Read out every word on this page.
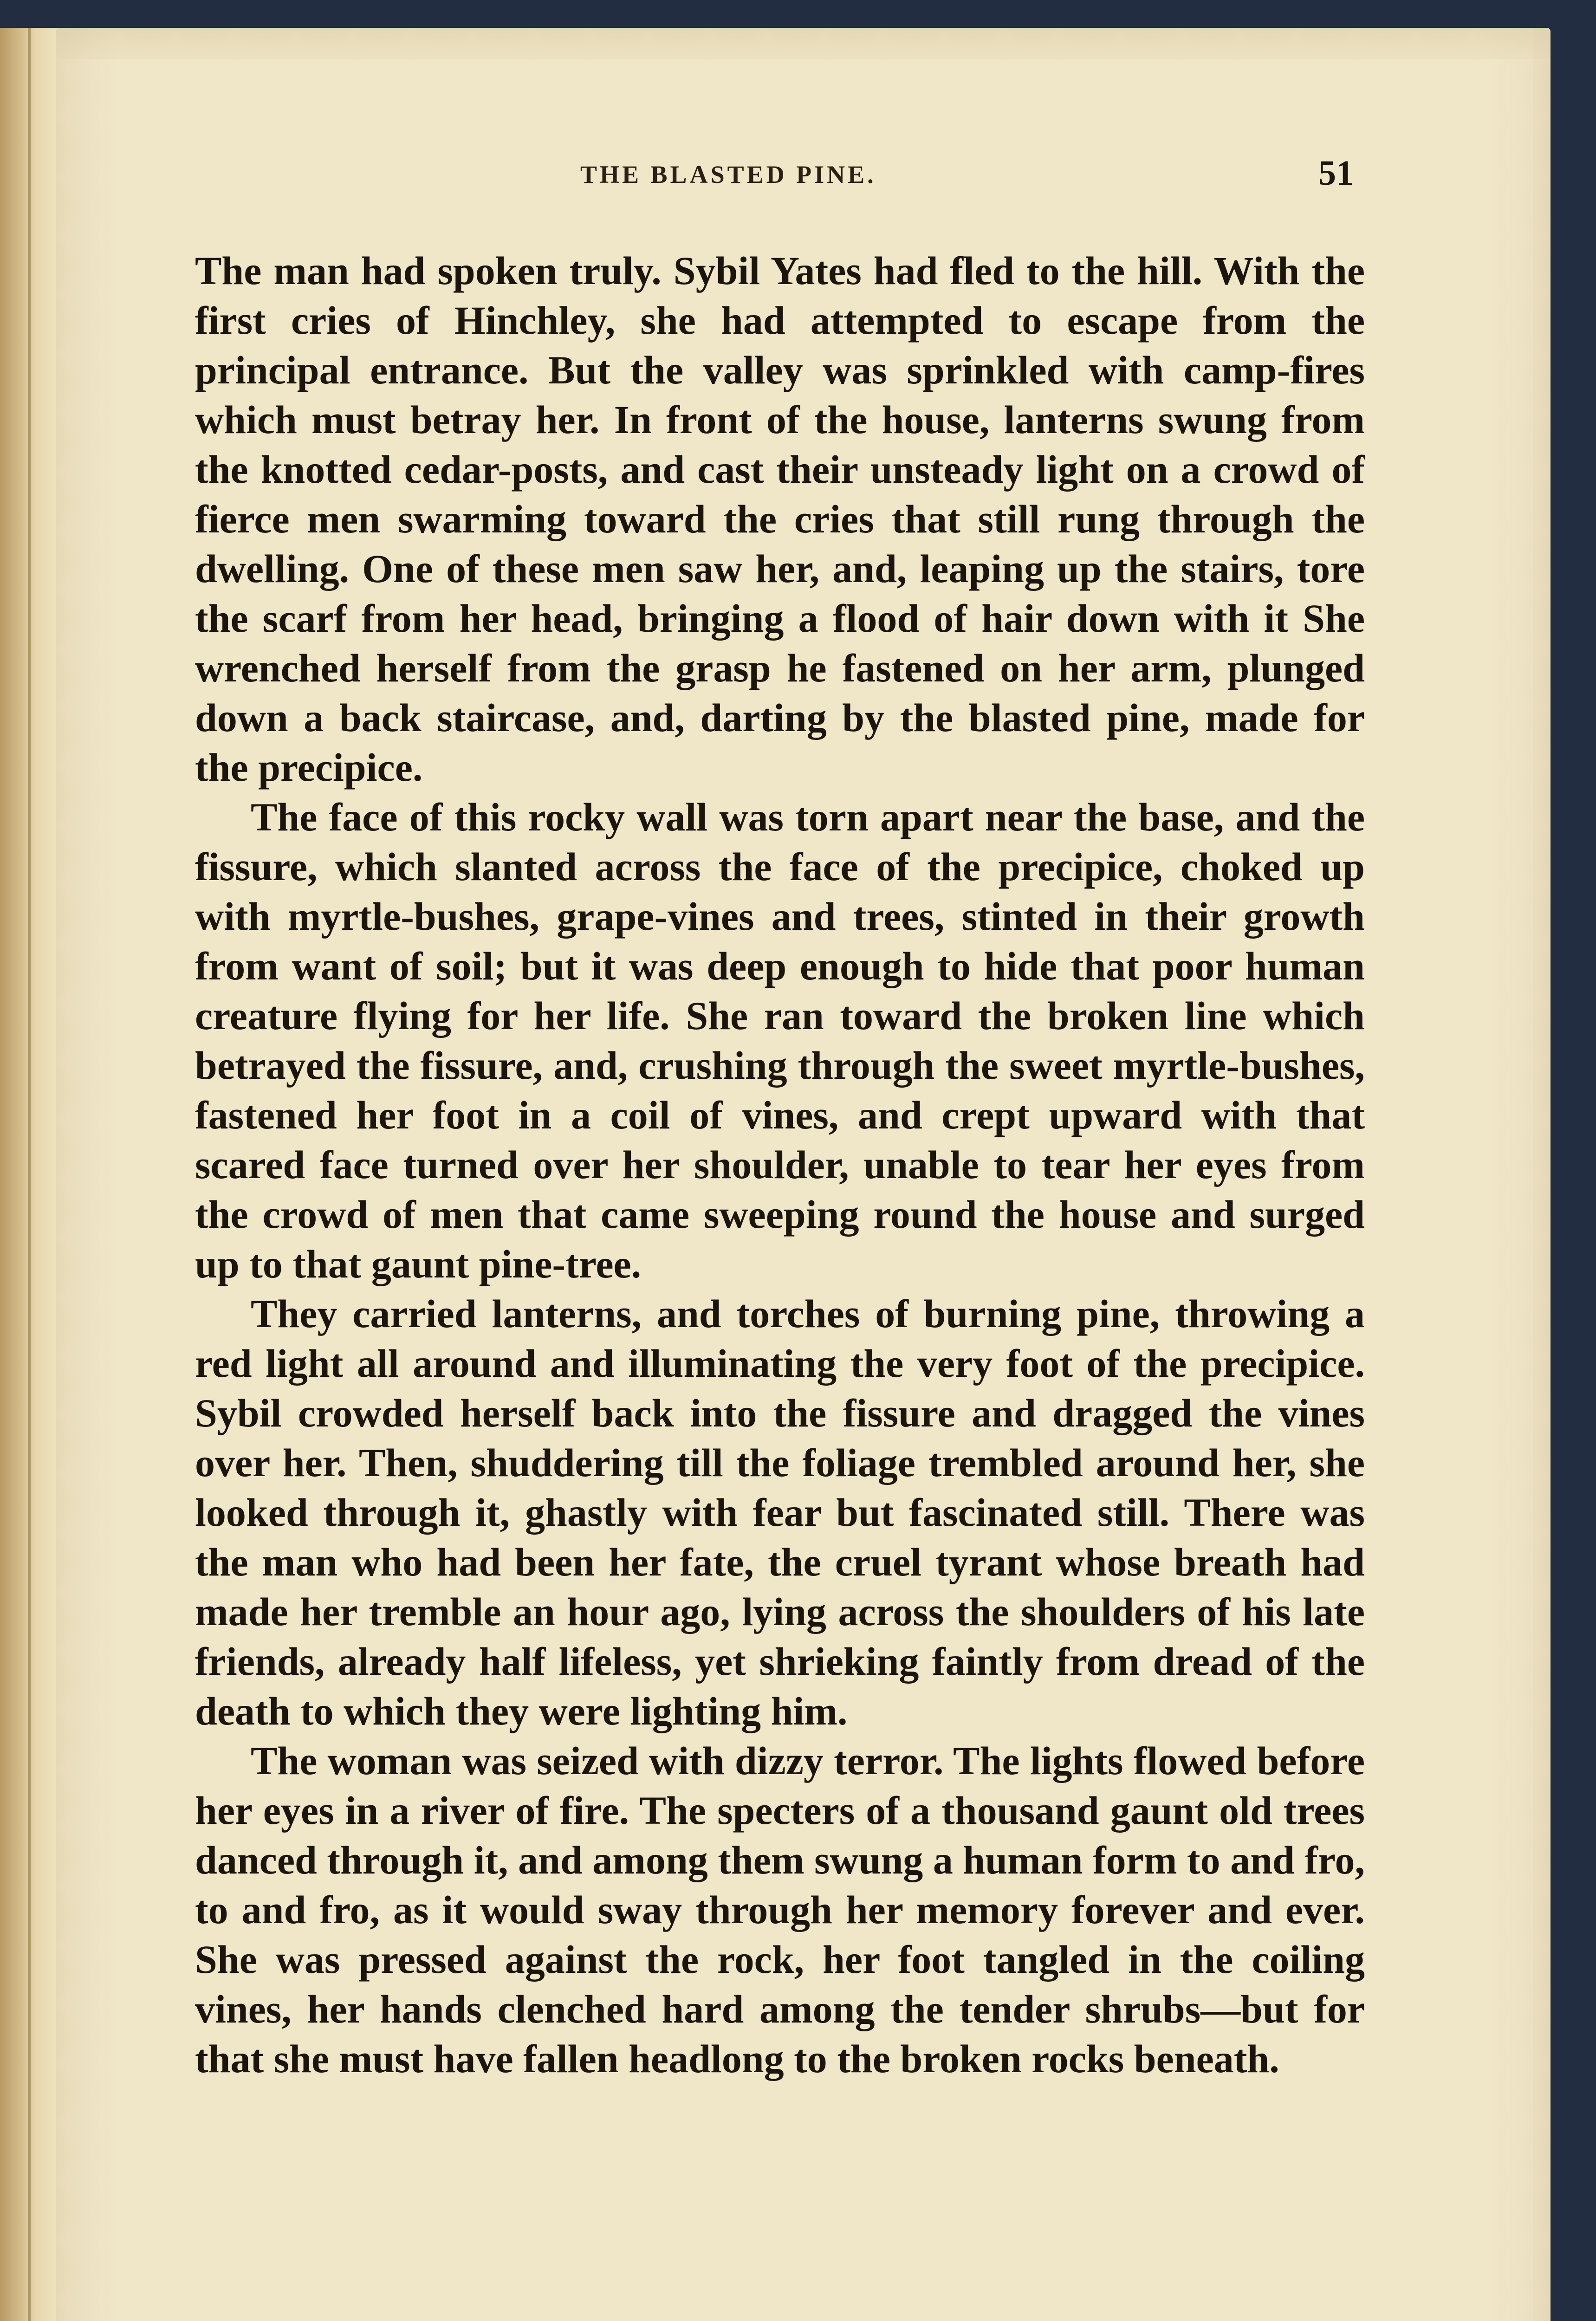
THE BLASTED PINE.	51

The man had spoken truly. Sybil Yates had fled to the hill. With the first cries of Hinchley, she had attempted to escape from the principal entrance. But the valley was sprinkled with camp-fires which must betray her. In front of the house, lanterns swung from the knotted cedar-posts, and cast their unsteady light on a crowd of fierce men swarming toward the cries that still rung through the dwelling. One of these men saw her, and, leaping up the stairs, tore the scarf from her head, bringing a flood of hair down with it She wrenched herself from the grasp he fastened on her arm, plunged down a back staircase, and, darting by the blasted pine, made for the precipice.

The face of this rocky wall was torn apart near the base, and the fissure, which slanted across the face of the precipice, choked up with myrtle-bushes, grape-vines and trees, stinted in their growth from want of soil; but it was deep enough to hide that poor human creature flying for her life. She ran toward the broken line which betrayed the fissure, and, crushing through the sweet myrtle-bushes, fastened her foot in a coil of vines, and crept upward with that scared face turned over her shoulder, unable to tear her eyes from the crowd of men that came sweeping round the house and surged up to that gaunt pine-tree.

They carried lanterns, and torches of burning pine, throwing a red light all around and illuminating the very foot of the precipice. Sybil crowded herself back into the fissure and dragged the vines over her. Then, shuddering till the foliage trembled around her, she looked through it, ghastly with fear but fascinated still. There was the man who had been her fate, the cruel tyrant whose breath had made her tremble an hour ago, lying across the shoulders of his late friends, already half lifeless, yet shrieking faintly from dread of the death to which they were lighting him.

The woman was seized with dizzy terror. The lights flowed before her eyes in a river of fire. The specters of a thousand gaunt old trees danced through it, and among them swung a human form to and fro, to and fro, as it would sway through her memory forever and ever. She was pressed against the rock, her foot tangled in the coiling vines, her hands clenched hard among the tender shrubs—but for that she must have fallen headlong to the broken rocks beneath.
